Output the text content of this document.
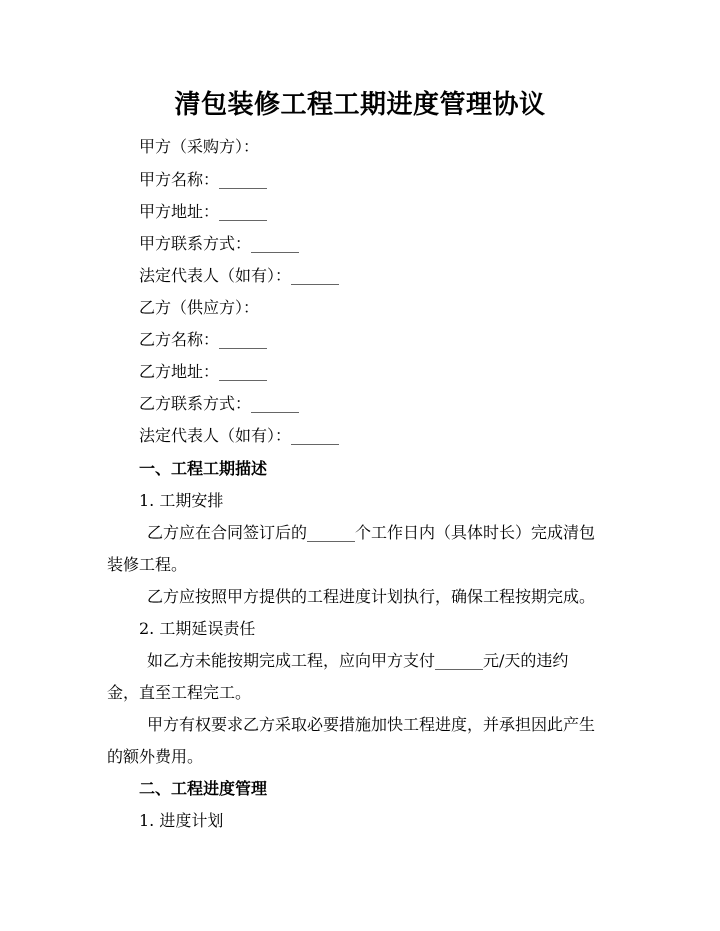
清包装修工程工期进度管理协议
甲方（采购方）：
甲方名称：______
甲方地址：______
甲方联系方式：______
法定代表人（如有）：______
乙方（供应方）：
乙方名称：______
乙方地址：______
乙方联系方式：______
法定代表人（如有）：______
一、工程工期描述
1. 工期安排
乙方应在合同签订后的______个工作日内（具体时长）完成清包
装修工程。
乙方应按照甲方提供的工程进度计划执行，确保工程按期完成。
2. 工期延误责任
如乙方未能按期完成工程，应向甲方支付______元/天的违约
金，直至工程完工。
甲方有权要求乙方采取必要措施加快工程进度，并承担因此产生
的额外费用。
二、工程进度管理
1. 进度计划
